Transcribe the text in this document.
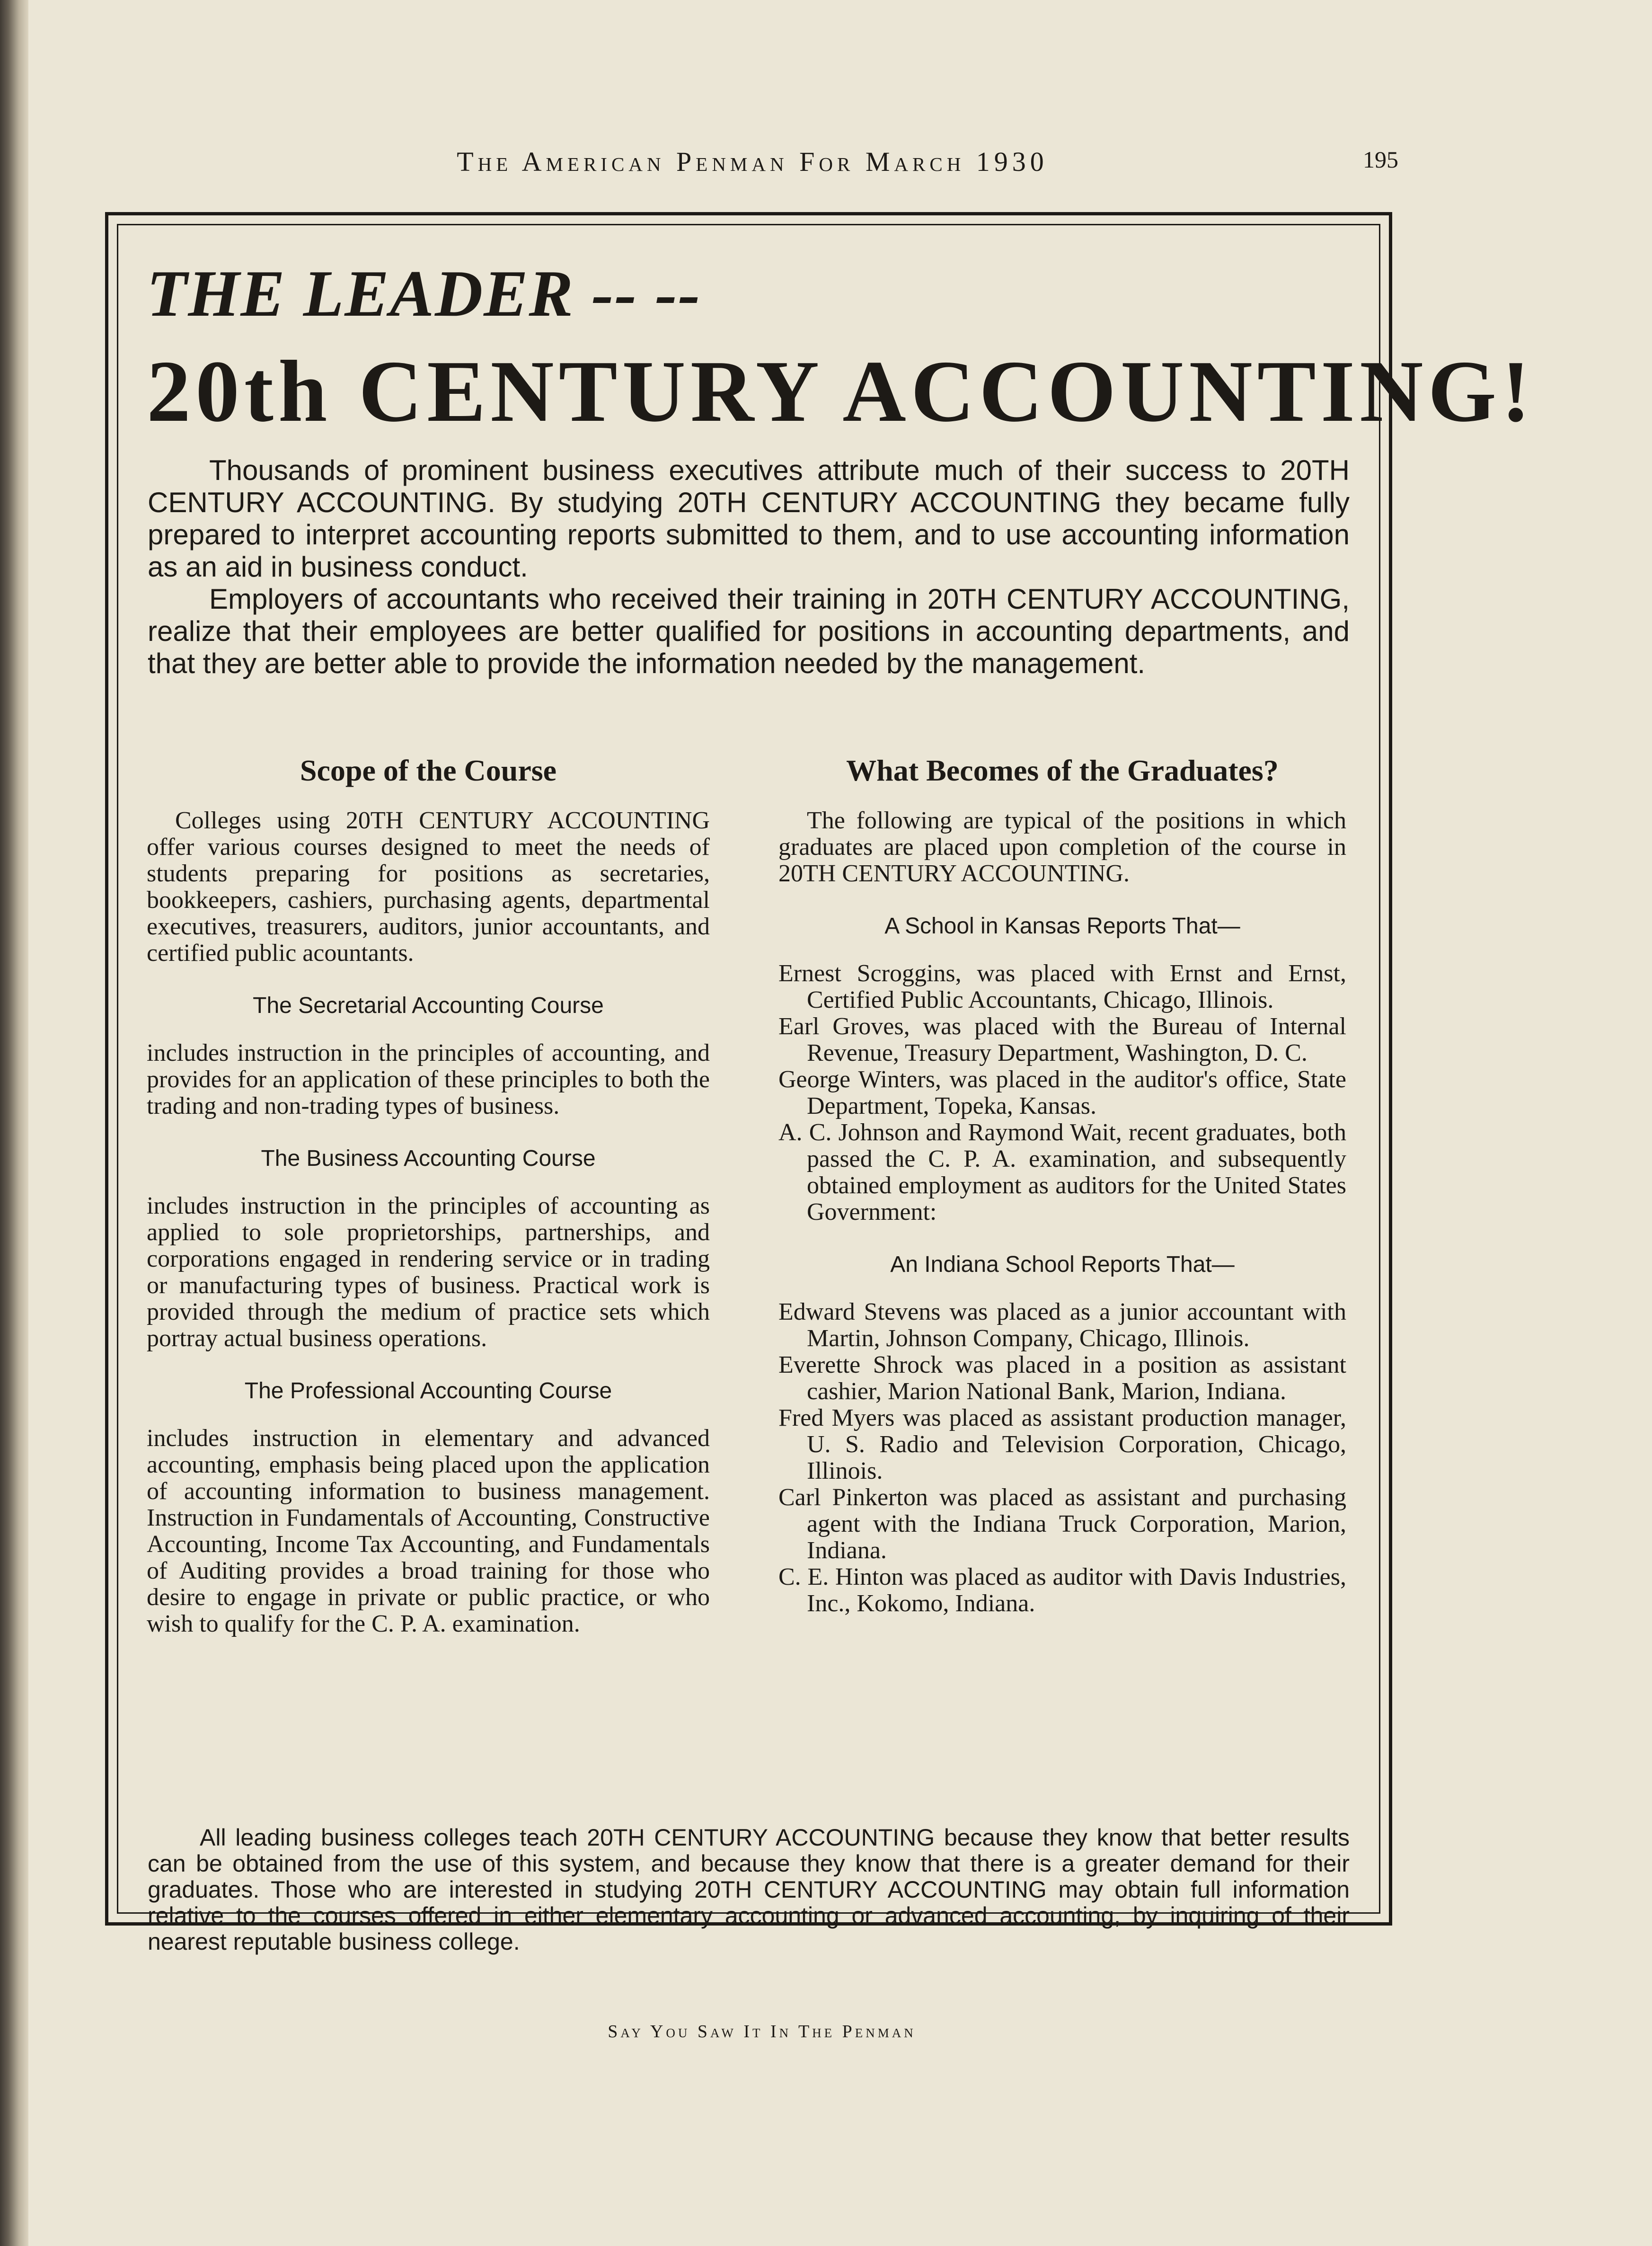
The American Penman For March 1930	195
THE LEADER -- --
20th CENTURY ACCOUNTING!

Thousands of prominent business executives attribute much of their success to 20TH CENTURY ACCOUNTING. By studying 20TH CENTURY ACCOUNTING they became fully prepared to interpret accounting reports submitted to them, and to use accounting information as an aid in business conduct.

Employers of accountants who received their training in 20TH CENTURY ACCOUNTING, realize that their employees are better qualified for positions in accounting departments, and that they are better able to provide the information needed by the management.

Scope of the Course

Colleges using 20TH CENTURY ACCOUNTING offer various courses designed to meet the needs of students preparing for positions as secretaries, bookkeepers, cashiers, purchasing agents, departmental executives, treasurers, auditors, junior accountants, and certified public acountants.

The Secretarial Accounting Course

includes instruction in the principles of accounting, and provides for an application of these principles to both the trading and non-trading types of business.

The Business Accounting Course

includes instruction in the principles of accounting as applied to sole proprietorships, partnerships, and corporations engaged in rendering service or in trading or manufacturing types of business. Practical work is provided through the medium of practice sets which portray actual business operations.

The Professional Accounting Course

includes instruction in elementary and advanced accounting, emphasis being placed upon the application of accounting information to business management. Instruction in Fundamentals of Accounting, Constructive Accounting, Income Tax Accounting, and Fundamentals of Auditing provides a broad training for those who desire to engage in private or public practice, or who wish to qualify for the C. P. A. examination.

What Becomes of the Graduates?

The following are typical of the positions in which graduates are placed upon completion of the course in 20TH CENTURY ACCOUNTING.

A School in Kansas Reports That—

Ernest Scroggins, was placed with Ernst and Ernst, Certified Public Accountants, Chicago, Illinois.

Earl Groves, was placed with the Bureau of Internal Revenue, Treasury Department, Washington, D. C.

George Winters, was placed in the auditor's office, State Department, Topeka, Kansas.

A. C. Johnson and Raymond Wait, recent graduates, both passed the C. P. A. examination, and subsequently obtained employment as auditors for the United States Government:

An Indiana School Reports That—

Edward Stevens was placed as a junior accountant with Martin, Johnson Company, Chicago, Illinois.

Everette Shrock was placed in a position as assistant cashier, Marion National Bank, Marion, Indiana.

Fred Myers was placed as assistant production manager, U. S. Radio and Television Corporation, Chicago, Illinois.

Carl Pinkerton was placed as assistant and purchasing agent with the Indiana Truck Corporation, Marion, Indiana.

C. E. Hinton was placed as auditor with Davis Industries, Inc., Kokomo, Indiana.

All leading business colleges teach 20TH CENTURY ACCOUNTING because they know that better results can be obtained from the use of this system, and because they know that there is a greater demand for their graduates. Those who are interested in studying 20TH CENTURY ACCOUNTING may obtain full information relative to the courses offered in either elementary accounting or advanced accounting, by inquiring of their nearest reputable business college.

Say You Saw It In The Penman
